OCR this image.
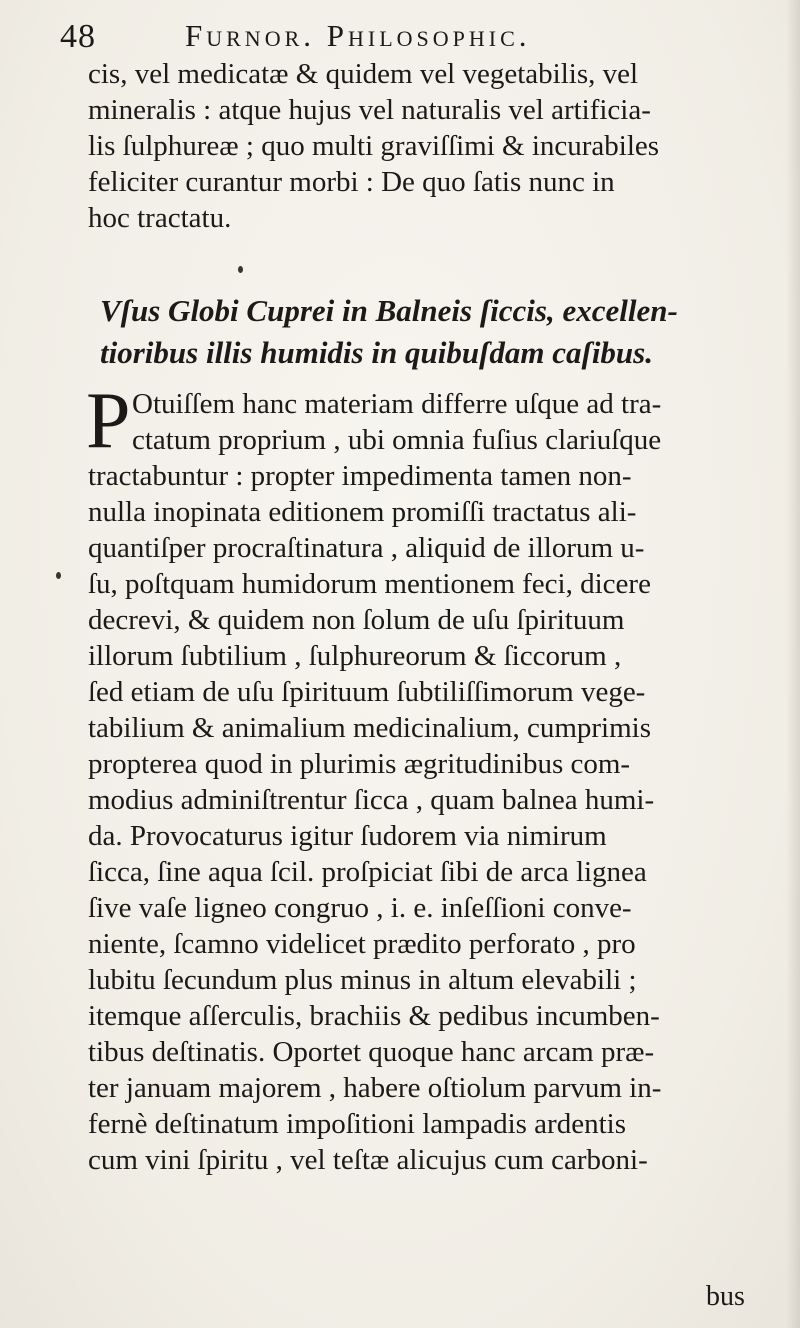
48	Furnor. Philosophic.
cis, vel medicatæ & quidem vel vegetabilis, vel
mineralis : atque hujus vel naturalis vel artificia-
lis ſulphureæ ; quo multi graviſſimi & incurabiles
feliciter curantur morbi : De quo ſatis nunc in
hoc tractatu.
Vſus Globi Cuprei in Balneis ſiccis, excellen-
tioribus illis humidis in quibuſdam caſibus.
P Otuiſſem hanc materiam differre uſque ad tra-
ctatum proprium , ubi omnia fuſius clariuſque
tractabuntur : propter impedimenta tamen non-
nulla inopinata editionem promiſſi tractatus ali-
quantiſper procraſtinatura , aliquid de illorum u-
ſu, poſtquam humidorum mentionem feci, dicere
decrevi, & quidem non ſolum de uſu ſpirituum
illorum ſubtilium , ſulphureorum & ſiccorum ,
ſed etiam de uſu ſpirituum ſubtiliſſimorum vege-
tabilium & animalium medicinalium, cumprimis
propterea quod in plurimis ægritudinibus com-
modius adminiſtrentur ſicca , quam balnea humi-
da. Provocaturus igitur ſudorem via nimirum
ſicca, ſine aqua ſcil. proſpiciat ſibi de arca lignea
ſive vaſe ligneo congruo , i. e. inſeſſioni conve-
niente, ſcamno videlicet prædito perforato , pro
lubitu ſecundum plus minus in altum elevabili ;
itemque aſſerculis, brachiis & pedibus incumben-
tibus deſtinatis. Oportet quoque hanc arcam præ-
ter januam majorem , habere oſtiolum parvum in-
fernè deſtinatum impoſitioni lampadis ardentis
cum vini ſpiritu , vel teſtæ alicujus cum carboni-
bus
